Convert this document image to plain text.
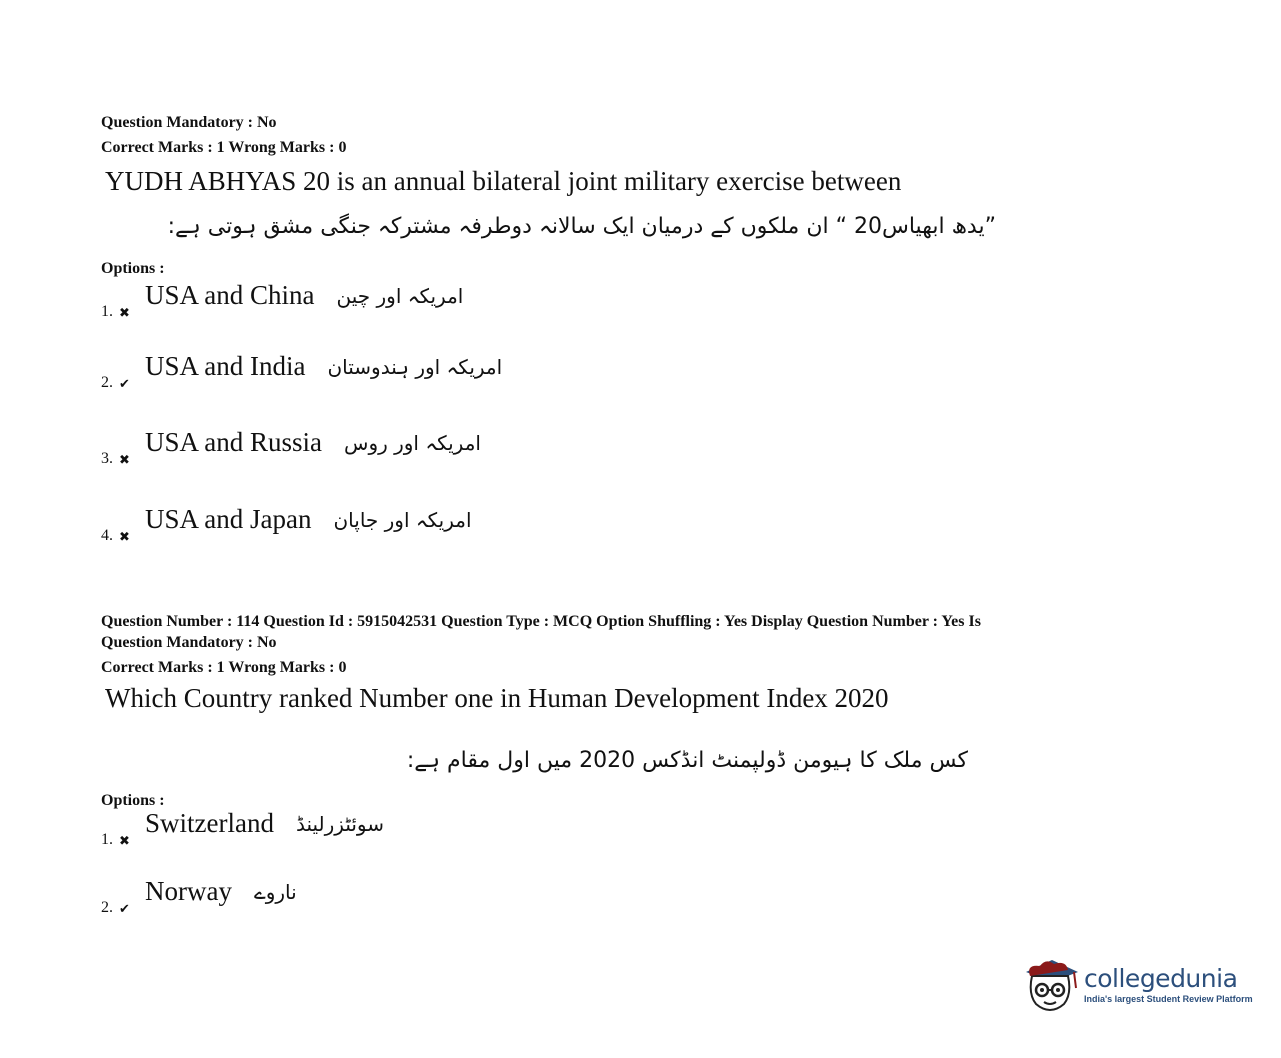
Question Mandatory : No
Correct Marks : 1 Wrong Marks : 0
YUDH ABHYAS 20 is an annual bilateral joint military exercise between
”یدھ ابھیاس20 “ ان ملکوں کے درمیان ایک سالانہ دوطرفہ مشترکہ جنگی مشق ہوتی ہے:
Options :
1. ✖
USA and China امریکہ اور چین
2. ✔
USA and India امریکہ اور ہندوستان
3. ✖
USA and Russia امریکہ اور روس
4. ✖
USA and Japan امریکہ اور جاپان
Question Number : 114 Question Id : 5915042531 Question Type : MCQ Option Shuffling : Yes Display Question Number : Yes Is
Question Mandatory : No
Correct Marks : 1 Wrong Marks : 0
Which Country ranked Number one in Human Development Index 2020
کس ملک کا ہیومن ڈولپمنٹ انڈکس 2020 میں اول مقام ہے:
Options :
1. ✖
Switzerland سوئٹزرلینڈ
2. ✔
Norway ناروے
collegedunia
India's largest Student Review Platform
